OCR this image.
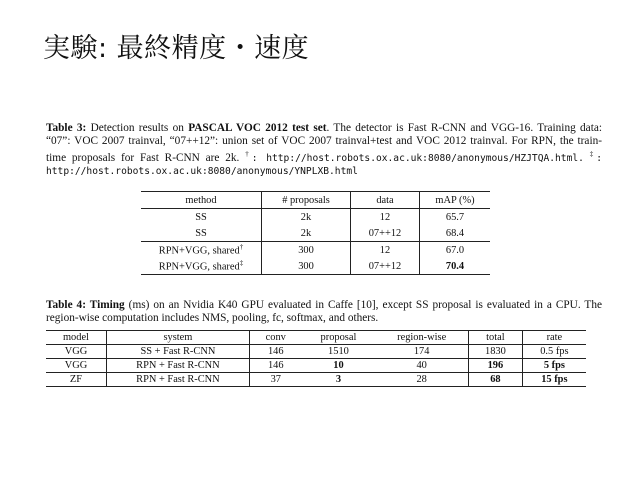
実験: 最終精度・速度
Table 3: Detection results on PASCAL VOC 2012 test set. The detector is Fast R-CNN and VGG-16. Training data: “07”: VOC 2007 trainval, “07++12”: union set of VOC 2007 trainval+test and VOC 2012 trainval. For RPN, the train-time proposals for Fast R-CNN are 2k. †: http://host.robots.ox.ac.uk:8080/anonymous/HZJTQA.html. ‡: http://host.robots.ox.ac.uk:8080/anonymous/YNPLXB.html
method	# proposals	data	mAP (%)
SS	2k	12	65.7
SS	2k	07++12	68.4
RPN+VGG, shared†	300	12	67.0
RPN+VGG, shared‡	300	07++12	70.4
Table 4: Timing (ms) on an Nvidia K40 GPU evaluated in Caffe [10], except SS proposal is evaluated in a CPU. The region-wise computation includes NMS, pooling, fc, softmax, and others.
model	system	conv	proposal	region-wise	total	rate
VGG	SS + Fast R-CNN	146	1510	174	1830	0.5 fps
VGG	RPN + Fast R-CNN	146	10	40	196	5 fps
ZF	RPN + Fast R-CNN	37	3	28	68	15 fps
